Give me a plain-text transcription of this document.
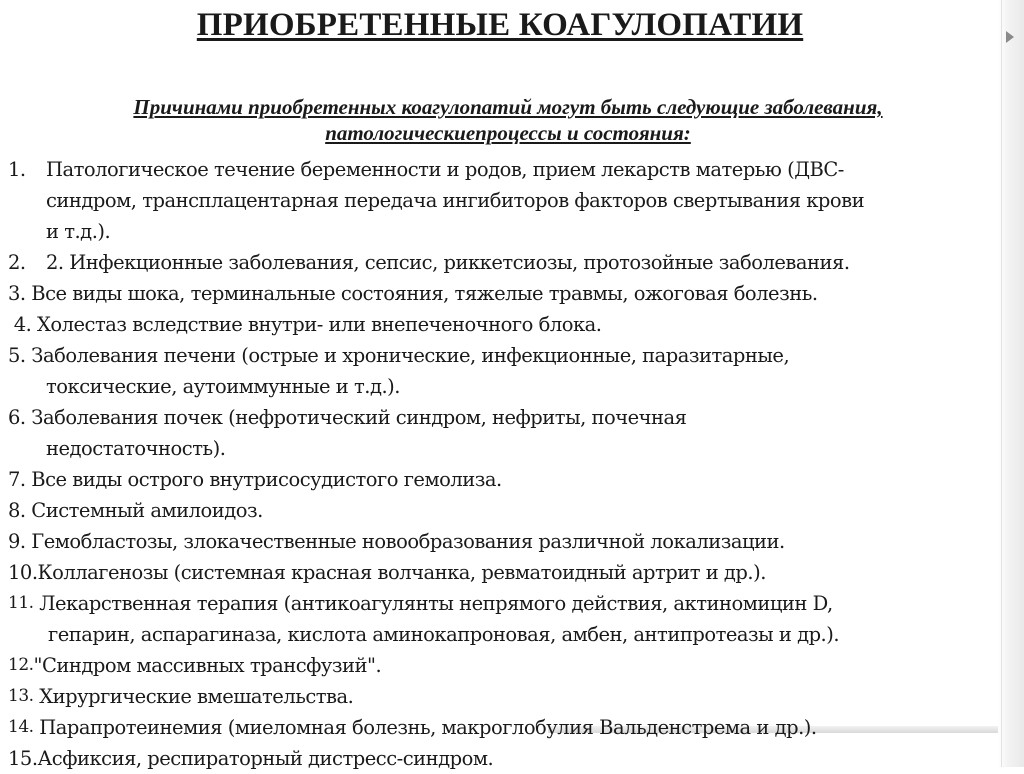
ПРИОБРЕТЕННЫЕ КОАГУЛОПАТИИ
Причинами приобретенных коагулопатий могут быть следующие заболевания,
патологическиепроцессы и состояния:
1.	Патологическое течение беременности и родов, прием лекарств матерью (ДВС-
синдром, трансплацентарная передача ингибиторов факторов свертывания крови
и т.д.).
2.	2. Инфекционные заболевания, сепсис, риккетсиозы, протозойные заболевания.
3. Все виды шока, терминальные состояния, тяжелые травмы, ожоговая болезнь.
4. Холестаз вследствие внутри- или внепеченочного блока.
5. Заболевания печени (острые и хронические, инфекционные, паразитарные,
токсические, аутоиммунные и т.д.).
6. Заболевания почек (нефротический синдром, нефриты, почечная
недостаточность).
7. Все виды острого внутрисосудистого гемолиза.
8. Системный амилоидоз.
9. Гемобластозы, злокачественные новообразования различной локализации.
10. Коллагенозы (системная красная волчанка, ревматоидный артрит и др.).
11. Лекарственная терапия (антикоагулянты непрямого действия, актиномицин D,
гепарин, аспарагиназа, кислота аминокапроновая, амбен, антипротеазы и др.).
12. "Синдром массивных трансфузий".
13. Хирургические вмешательства.
14. Парапротеинемия (миеломная болезнь, макроглобулия Вальденстрема и др.).
15. Асфиксия, респираторный дистресс-синдром.
